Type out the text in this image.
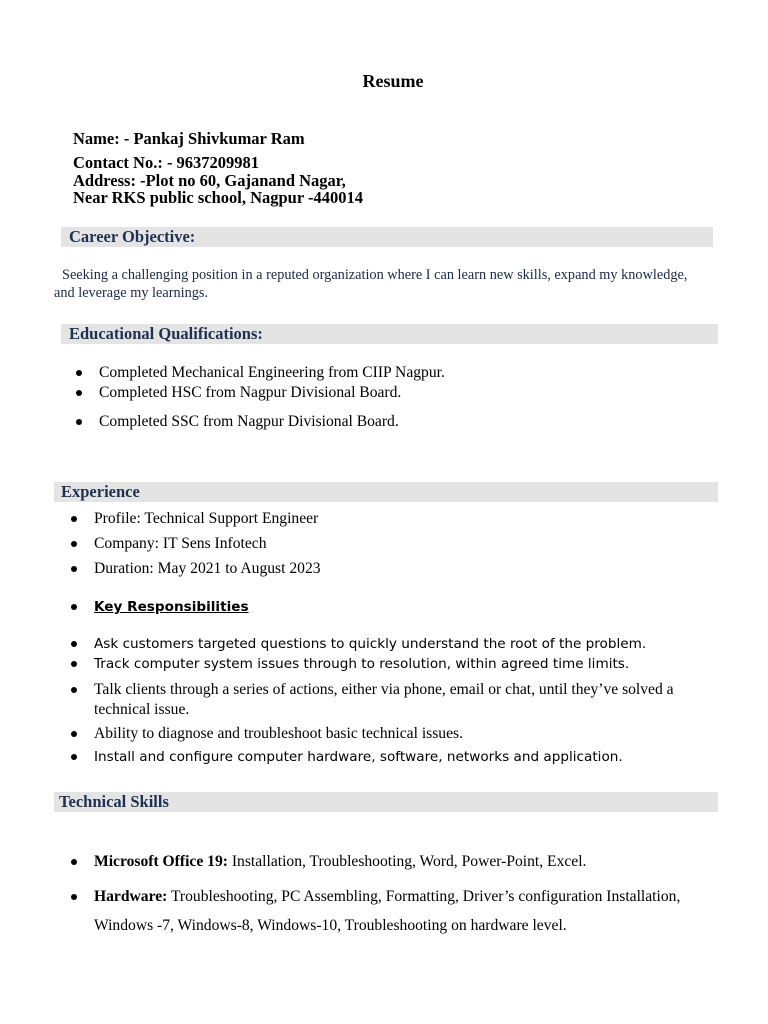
Resume
Name: - Pankaj Shivkumar Ram
Contact No.: - 9637209981
Address: -Plot no 60, Gajanand Nagar,
Near RKS public school, Nagpur -440014
Career Objective:
Seeking a challenging position in a reputed organization where I can learn new skills, expand my knowledge,
and leverage my learnings.
Educational Qualifications:
Completed Mechanical Engineering from CIIP Nagpur.
Completed HSC from Nagpur Divisional Board.
Completed SSC from Nagpur Divisional Board.
Experience
Profile: Technical Support Engineer
Company: IT Sens Infotech
Duration: May 2021 to August 2023
Key Responsibilities
Ask customers targeted questions to quickly understand the root of the problem.
Track computer system issues through to resolution, within agreed time limits.
Talk clients through a series of actions, either via phone, email or chat, until they’ve solved a
technical issue.
Ability to diagnose and troubleshoot basic technical issues.
Install and configure computer hardware, software, networks and application.
Technical Skills
Microsoft Office 19: Installation, Troubleshooting, Word, Power-Point, Excel.
Hardware: Troubleshooting, PC Assembling, Formatting, Driver’s configuration Installation,
Windows -7, Windows-8, Windows-10, Troubleshooting on hardware level.
